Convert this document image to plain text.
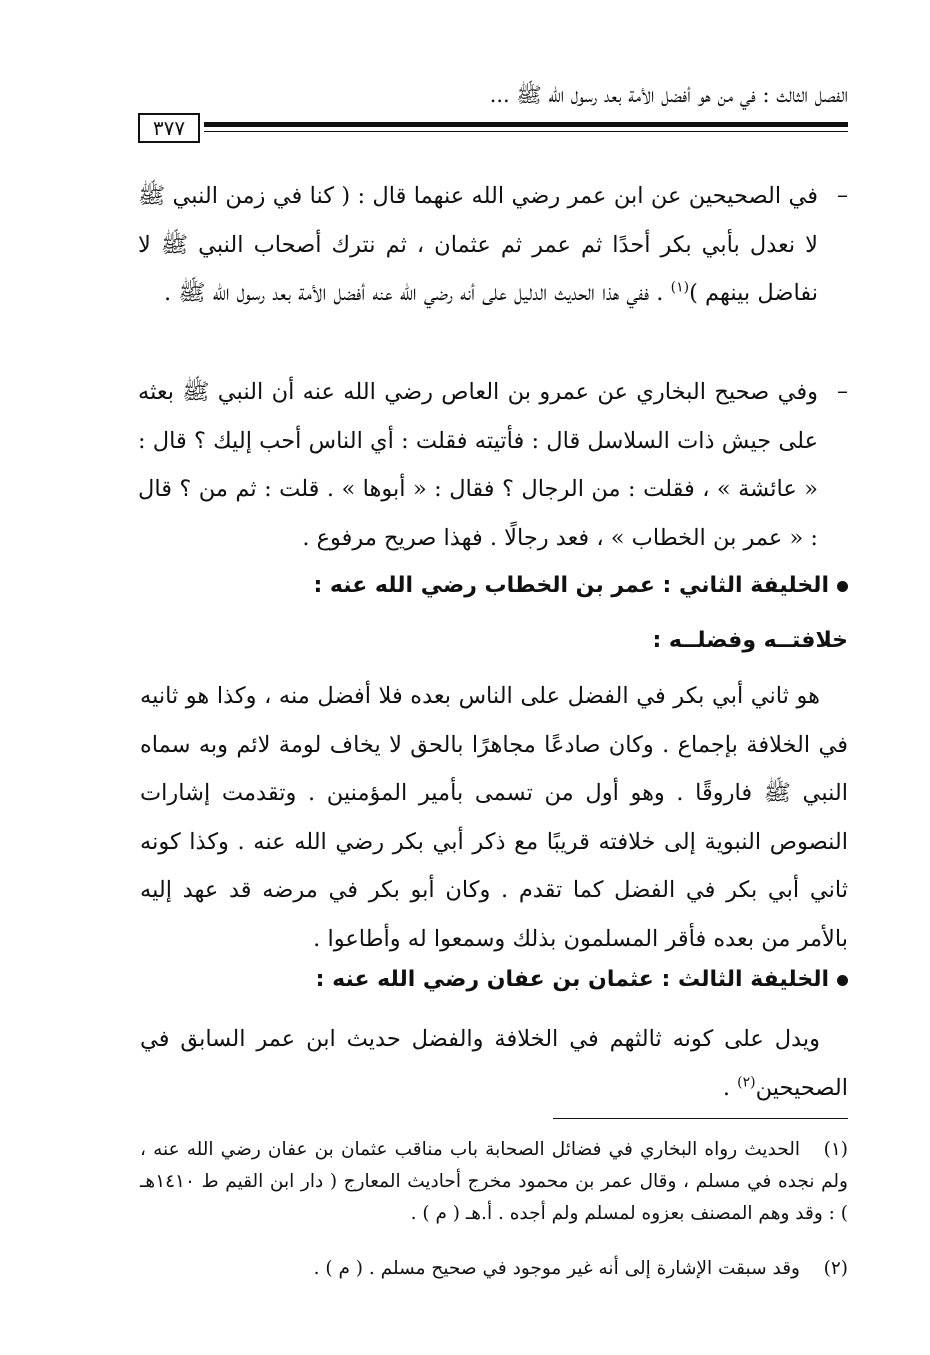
الفصل الثالث : في من هو أفضل الأمة بعد رسول الله ﷺ ...
٣٧٧
–
في الصحيحين عن ابن عمر رضي الله عنهما قال : ( كنا في زمن النبي ﷺ لا نعدل بأبي بكر أحدًا ثم عمر ثم عثمان ، ثم نترك أصحاب النبي ﷺ لا نفاضل بينهم )$^{(١)}$ . ففي هذا الحديث الدليل على أنه رضي الله عنه أفضل الأمة بعد رسول الله ﷺ .
–
وفي صحيح البخاري عن عمرو بن العاص رضي الله عنه أن النبي ﷺ بعثه على جيش ذات السلاسل قال : فأتيته فقلت : أي الناس أحب إليك ؟ قال : « عائشة » ، فقلت : من الرجال ؟ فقال : « أبوها » . قلت : ثم من ؟ قال : « عمر بن الخطاب » ، فعد رجالًا . فهذا صريح مرفوع .
الخليفة الثاني : عمر بن الخطاب رضي الله عنه :
خلافتــه وفضلــه :
هو ثاني أبي بكر في الفضل على الناس بعده فلا أفضل منه ، وكذا هو ثانيه في الخلافة بإجماع . وكان صادعًا مجاهرًا بالحق لا يخاف لومة لائم وبه سماه النبي ﷺ فاروقًا . وهو أول من تسمى بأمير المؤمنين . وتقدمت إشارات النصوص النبوية إلى خلافته قريبًا مع ذكر أبي بكر رضي الله عنه . وكذا كونه ثاني أبي بكر في الفضل كما تقدم . وكان أبو بكر في مرضه قد عهد إليه بالأمر من بعده فأقر المسلمون بذلك وسمعوا له وأطاعوا .
الخليفة الثالث : عثمان بن عفان رضي الله عنه :
ويدل على كونه ثالثهم في الخلافة والفضل حديث ابن عمر السابق في الصحيحين$^{(٢)}$ .
(١)الحديث رواه البخاري في فضائل الصحابة باب مناقب عثمان بن عفان رضي الله عنه ، ولم نجده في مسلم ، وقال عمر بن محمود مخرج أحاديث المعارج ( دار ابن القيم ط ١٤١٠هـ ) : وقد وهم المصنف بعزوه لمسلم ولم أجده . أ.هـ ( م ) .
(٢)وقد سبقت الإشارة إلى أنه غير موجود في صحيح مسلم . ( م ) .
